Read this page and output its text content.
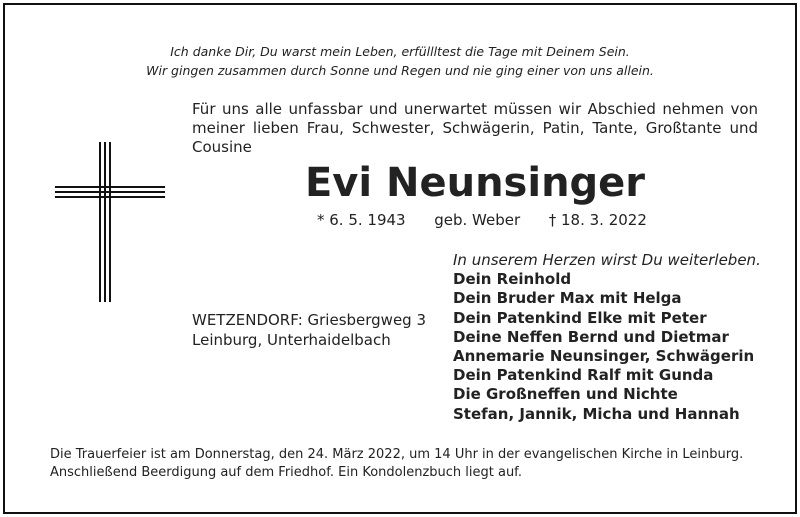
Ich danke Dir, Du warst mein Leben, erfüllltest die Tage mit Deinem Sein.
Wir gingen zusammen durch Sonne und Regen und nie ging einer von uns allein.
Für uns alle unfassbar und unerwartet müssen wir Abschied nehmen von meiner lieben Frau, Schwester, Schwägerin, Patin, Tante, Großtante und Cousine
Evi Neunsinger
* 6. 5. 1943      geb. Weber      † 18. 3. 2022
WETZENDORF: Griesbergweg 3
Leinburg, Unterhaidelbach
In unserem Herzen wirst Du weiterleben.
Dein Reinhold
Dein Bruder Max mit Helga
Dein Patenkind Elke mit Peter
Deine Neffen Bernd und Dietmar
Annemarie Neunsinger, Schwägerin
Dein Patenkind Ralf mit Gunda
Die Großneffen und Nichte
Stefan, Jannik, Micha und Hannah
Die Trauerfeier ist am Donnerstag, den 24. März 2022, um 14 Uhr in der evangelischen Kirche in Leinburg.
Anschließend Beerdigung auf dem Friedhof. Ein Kondolenzbuch liegt auf.
